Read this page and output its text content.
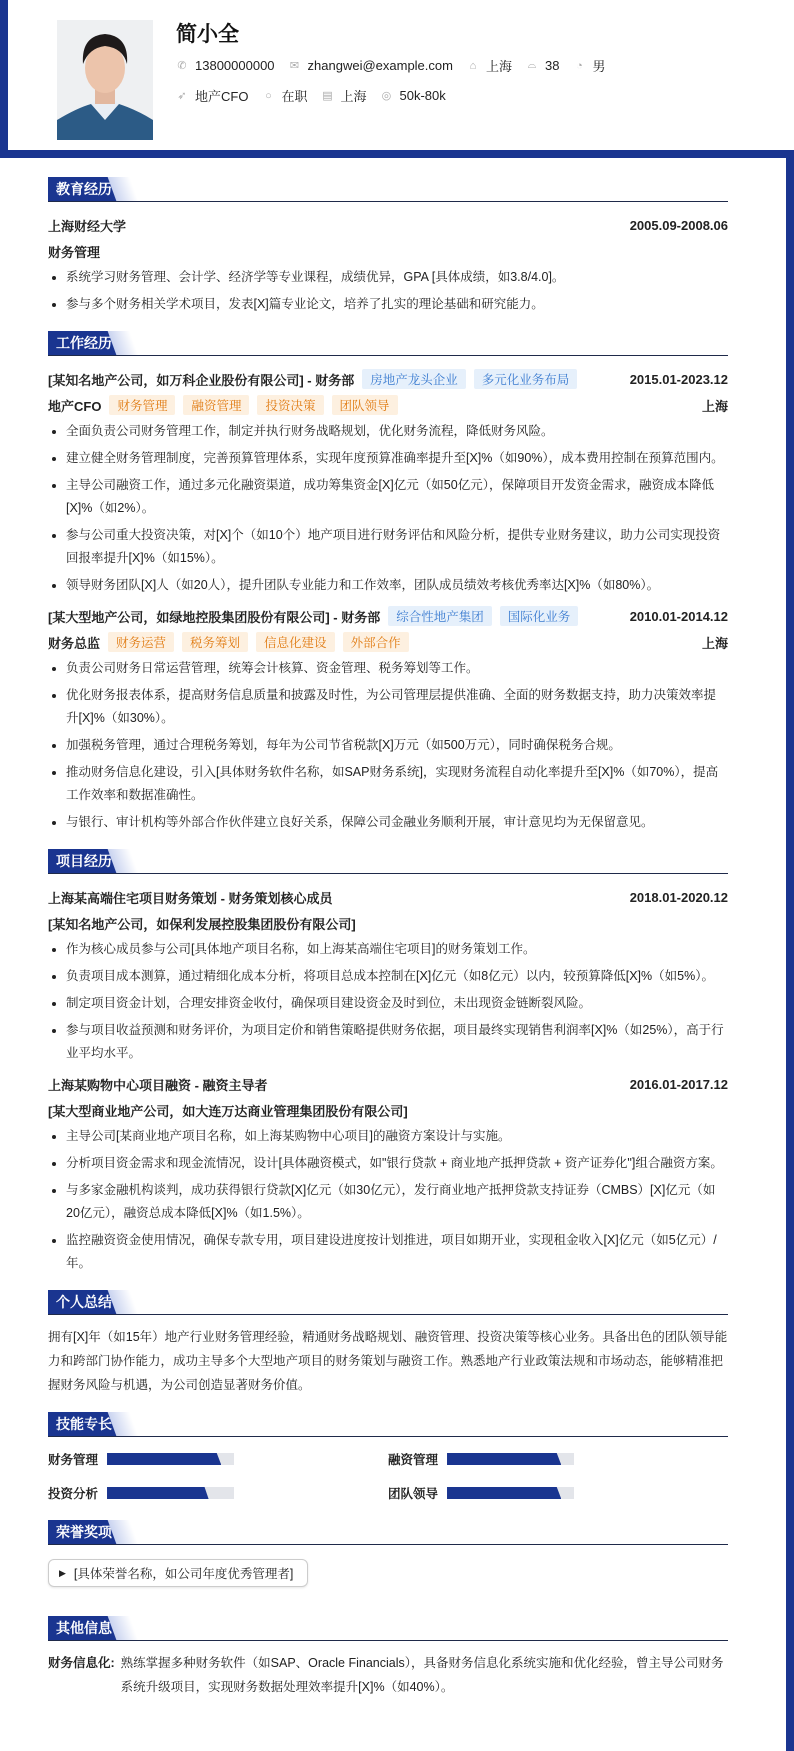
简小全
✆ 13800000000 ✉ zhangwei@example.com ⌂ 上海 ⌓ 38 ◔ 男
➶ 地产CFO ○ 在职 ▤ 上海 ◎ 50k-80k
教育经历
上海财经大学	2005.09-2008.06
财务管理
系统学习财务管理、会计学、经济学等专业课程，成绩优异，GPA [具体成绩，如3.8/4.0]。
参与多个财务相关学术项目，发表[X]篇专业论文，培养了扎实的理论基础和研究能力。
工作经历
[某知名地产公司，如万科企业股份有限公司] - 财务部	房地产龙头企业	多元化业务布局	2015.01-2023.12
地产CFO	财务管理	融资管理	投资决策	团队领导	上海
全面负责公司财务管理工作，制定并执行财务战略规划，优化财务流程，降低财务风险。
建立健全财务管理制度，完善预算管理体系，实现年度预算准确率提升至[X]%（如90%），成本费用控制在预算范围内。
主导公司融资工作，通过多元化融资渠道，成功筹集资金[X]亿元（如50亿元），保障项目开发资金需求，融资成本降低[X]%（如2%）。
参与公司重大投资决策，对[X]个（如10个）地产项目进行财务评估和风险分析，提供专业财务建议，助力公司实现投资回报率提升[X]%（如15%）。
领导财务团队[X]人（如20人），提升团队专业能力和工作效率，团队成员绩效考核优秀率达[X]%（如80%）。
[某大型地产公司，如绿地控股集团股份有限公司] - 财务部	综合性地产集团	国际化业务	2010.01-2014.12
财务总监	财务运营	税务筹划	信息化建设	外部合作	上海
负责公司财务日常运营管理，统筹会计核算、资金管理、税务筹划等工作。
优化财务报表体系，提高财务信息质量和披露及时性，为公司管理层提供准确、全面的财务数据支持，助力决策效率提升[X]%（如30%）。
加强税务管理，通过合理税务筹划，每年为公司节省税款[X]万元（如500万元），同时确保税务合规。
推动财务信息化建设，引入[具体财务软件名称，如SAP财务系统]，实现财务流程自动化率提升至[X]%（如70%），提高工作效率和数据准确性。
与银行、审计机构等外部合作伙伴建立良好关系，保障公司金融业务顺利开展，审计意见均为无保留意见。
项目经历
上海某高端住宅项目财务策划 - 财务策划核心成员	2018.01-2020.12
[某知名地产公司，如保利发展控股集团股份有限公司]
作为核心成员参与公司[具体地产项目名称，如上海某高端住宅项目]的财务策划工作。
负责项目成本测算，通过精细化成本分析，将项目总成本控制在[X]亿元（如8亿元）以内，较预算降低[X]%（如5%）。
制定项目资金计划，合理安排资金收付，确保项目建设资金及时到位，未出现资金链断裂风险。
参与项目收益预测和财务评价，为项目定价和销售策略提供财务依据，项目最终实现销售利润率[X]%（如25%），高于行业平均水平。
上海某购物中心项目融资 - 融资主导者	2016.01-2017.12
[某大型商业地产公司，如大连万达商业管理集团股份有限公司]
主导公司[某商业地产项目名称，如上海某购物中心项目]的融资方案设计与实施。
分析项目资金需求和现金流情况，设计[具体融资模式，如"银行贷款 + 商业地产抵押贷款 + 资产证券化"]组合融资方案。
与多家金融机构谈判，成功获得银行贷款[X]亿元（如30亿元），发行商业地产抵押贷款支持证券（CMBS）[X]亿元（如20亿元），融资总成本降低[X]%（如1.5%）。
监控融资资金使用情况，确保专款专用，项目建设进度按计划推进，项目如期开业，实现租金收入[X]亿元（如5亿元）/年。
个人总结
拥有[X]年（如15年）地产行业财务管理经验，精通财务战略规划、融资管理、投资决策等核心业务。具备出色的团队领导能力和跨部门协作能力，成功主导多个大型地产项目的财务策划与融资工作。熟悉地产行业政策法规和市场动态，能够精准把握财务风险与机遇，为公司创造显著财务价值。
技能专长
财务管理	融资管理
投资分析	团队领导
荣誉奖项
▶ [具体荣誉名称，如公司年度优秀管理者]
其他信息
财务信息化: 熟练掌握多种财务软件（如SAP、Oracle Financials），具备财务信息化系统实施和优化经验，曾主导公司财务系统升级项目，实现财务数据处理效率提升[X]%（如40%）。
